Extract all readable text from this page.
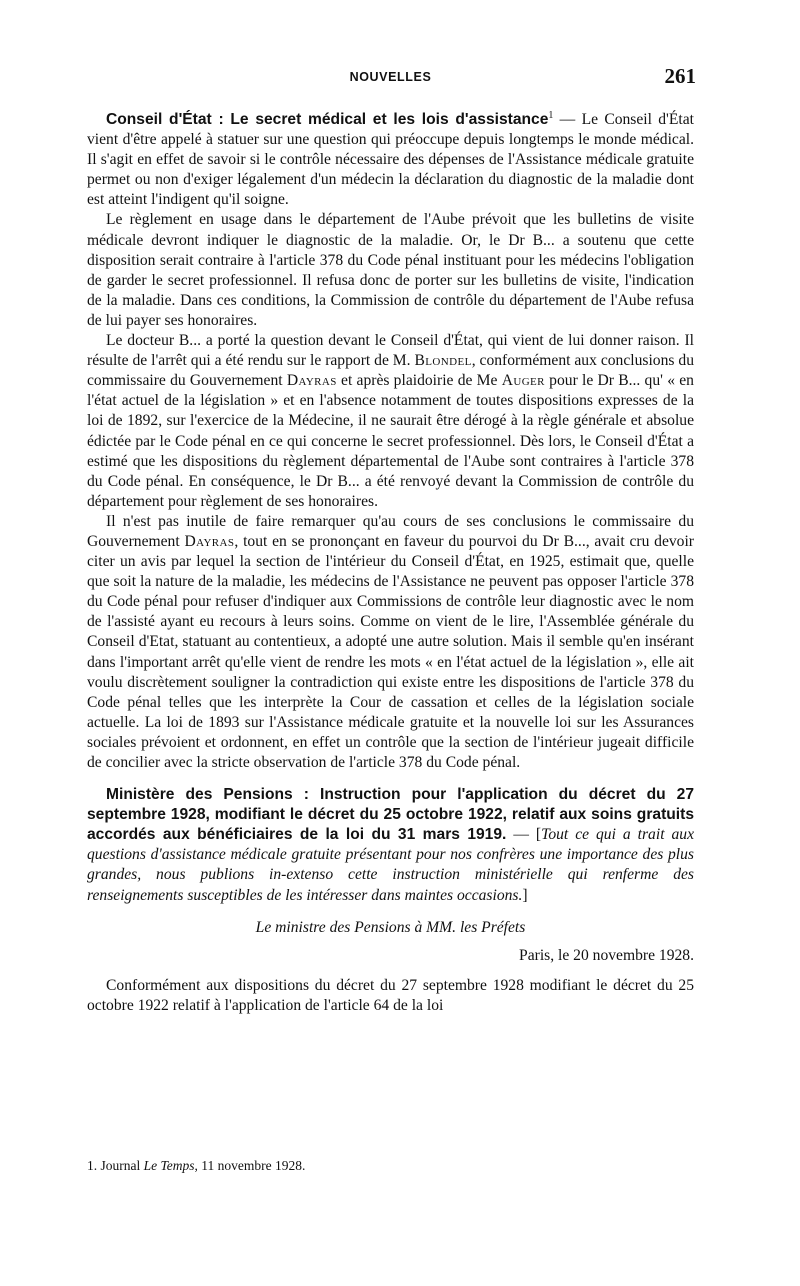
NOUVELLES	261

Conseil d'État : Le secret médical et les lois d'assistance$^1$ — Le Conseil d'État vient d'être appelé à statuer sur une question qui préoccupe depuis longtemps le monde médical. Il s'agit en effet de savoir si le contrôle nécessaire des dépenses de l'Assistance médicale gratuite permet ou non d'exiger légalement d'un médecin la déclaration du diagnostic de la maladie dont est atteint l'indigent qu'il soigne.

Le règlement en usage dans le département de l'Aube prévoit que les bulletins de visite médicale devront indiquer le diagnostic de la maladie. Or, le Dr B... a soutenu que cette disposition serait contraire à l'article 378 du Code pénal instituant pour les médecins l'obligation de garder le secret professionnel. Il refusa donc de porter sur les bulletins de visite, l'indication de la maladie. Dans ces conditions, la Commission de contrôle du département de l'Aube refusa de lui payer ses honoraires.

Le docteur B... a porté la question devant le Conseil d'État, qui vient de lui donner raison. Il résulte de l'arrêt qui a été rendu sur le rapport de M. Blondel, conformément aux conclusions du commissaire du Gouvernement Dayras et après plaidoirie de Me Auger pour le Dr B... qu' « en l'état actuel de la législation » et en l'absence notamment de toutes dispositions expresses de la loi de 1892, sur l'exercice de la Médecine, il ne saurait être dérogé à la règle générale et absolue édictée par le Code pénal en ce qui concerne le secret professionnel. Dès lors, le Conseil d'État a estimé que les dispositions du règlement départemental de l'Aube sont contraires à l'article 378 du Code pénal. En conséquence, le Dr B... a été renvoyé devant la Commission de contrôle du département pour règlement de ses honoraires.

Il n'est pas inutile de faire remarquer qu'au cours de ses conclusions le commissaire du Gouvernement Dayras, tout en se prononçant en faveur du pourvoi du Dr B..., avait cru devoir citer un avis par lequel la section de l'intérieur du Conseil d'État, en 1925, estimait que, quelle que soit la nature de la maladie, les médecins de l'Assistance ne peuvent pas opposer l'article 378 du Code pénal pour refuser d'indiquer aux Commissions de contrôle leur diagnostic avec le nom de l'assisté ayant eu recours à leurs soins. Comme on vient de le lire, l'Assemblée générale du Conseil d'Etat, statuant au contentieux, a adopté une autre solution. Mais il semble qu'en insérant dans l'important arrêt qu'elle vient de rendre les mots « en l'état actuel de la législation », elle ait voulu discrètement souligner la contradiction qui existe entre les dispositions de l'article 378 du Code pénal telles que les interprète la Cour de cassation et celles de la législation sociale actuelle. La loi de 1893 sur l'Assistance médicale gratuite et la nouvelle loi sur les Assurances sociales prévoient et ordonnent, en effet un contrôle que la section de l'intérieur jugeait difficile de concilier avec la stricte observation de l'article 378 du Code pénal.

Ministère des Pensions : Instruction pour l'application du décret du 27 septembre 1928, modifiant le décret du 25 octobre 1922, relatif aux soins gratuits accordés aux bénéficiaires de la loi du 31 mars 1919. — [Tout ce qui a trait aux questions d'assistance médicale gratuite présentant pour nos confrères une importance des plus grandes, nous publions in-extenso cette instruction ministérielle qui renferme des renseignements susceptibles de les intéresser dans maintes occasions.]

Le ministre des Pensions à MM. les Préfets

Paris, le 20 novembre 1928.

Conformément aux dispositions du décret du 27 septembre 1928 modifiant le décret du 25 octobre 1922 relatif à l'application de l'article 64 de la loi

1. Journal Le Temps, 11 novembre 1928.
